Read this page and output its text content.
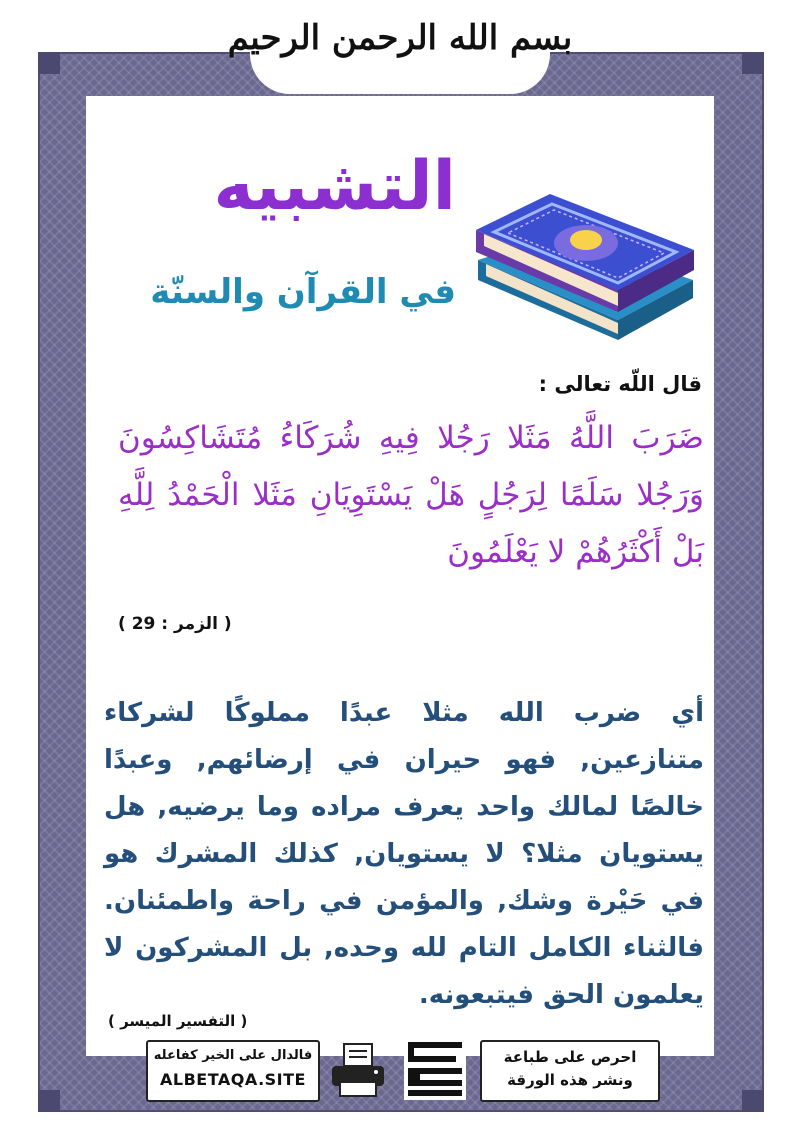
بسم الله الرحمن الرحيم
التشبيه
في القرآن والسنّة
قال اللّه تعالى :
ضَرَبَ اللَّهُ مَثَلا رَجُلا فِيهِ شُرَكَاءُ مُتَشَاكِسُونَ وَرَجُلا سَلَمًا لِرَجُلٍ هَلْ يَسْتَوِيَانِ مَثَلا الْحَمْدُ لِلَّهِ بَلْ أَكْثَرُهُمْ لا يَعْلَمُونَ
( الزمر : 29 )
أي ضرب الله مثلا عبدًا مملوكًا لشركاء متنازعين, فهو حيران في إرضائهم, وعبدًا خالصًا لمالك واحد يعرف مراده وما يرضيه, هل يستويان مثلا؟ لا يستويان, كذلك المشرك هو في حَيْرة وشك, والمؤمن في راحة واطمئنان. فالثناء الكامل التام لله وحده, بل المشركون لا يعلمون الحق فيتبعونه.
( التفسير الميسر )
فالدال على الخير كفاعله
ALBETAQA.SITE
احرص على طباعة
ونشر هذه الورقة
